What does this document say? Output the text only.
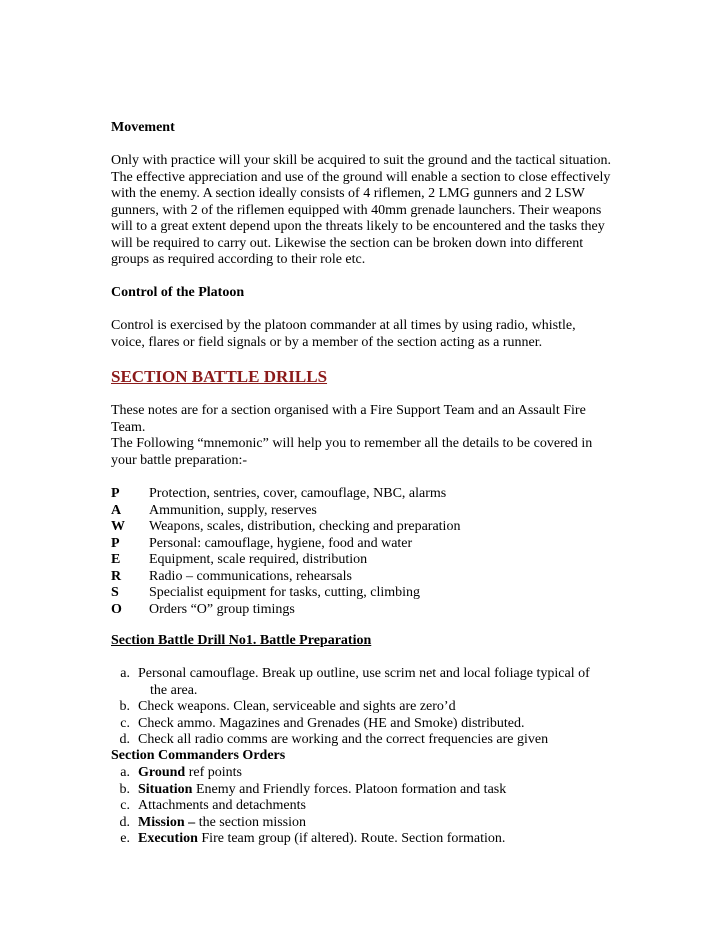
Movement
Only with practice will your skill be acquired to suit the ground and the tactical situation.
The effective appreciation and use of the ground will enable a section to close effectively
with the enemy. A section ideally consists of 4 riflemen, 2 LMG gunners and 2 LSW
gunners, with 2 of the riflemen equipped with 40mm grenade launchers. Their weapons
will to a great extent depend upon the threats likely to be encountered and the tasks they
will be required to carry out. Likewise the section can be broken down into different
groups as required according to their role etc.
Control of the Platoon
Control is exercised by the platoon commander at all times by using radio, whistle,
voice, flares or field signals or by a member of the section acting as a runner.
SECTION BATTLE DRILLS
These notes are for a section organised with a Fire Support Team and an Assault Fire
Team.
The Following “mnemonic” will help you to remember all the details to be covered in
your battle preparation:-
P Protection, sentries, cover, camouflage, NBC, alarms
A Ammunition, supply, reserves
W Weapons, scales, distribution, checking and preparation
P Personal: camouflage, hygiene, food and water
E Equipment, scale required, distribution
R Radio – communications, rehearsals
S Specialist equipment for tasks, cutting, climbing
O Orders “O” group timings
Section Battle Drill No1. Battle Preparation
a. Personal camouflage. Break up outline, use scrim net and local foliage typical of
the area.
b. Check weapons. Clean, serviceable and sights are zero’d
c. Check ammo. Magazines and Grenades (HE and Smoke) distributed.
d. Check all radio comms are working and the correct frequencies are given
Section Commanders Orders
a. Ground ref points
b. Situation Enemy and Friendly forces. Platoon formation and task
c. Attachments and detachments
d. Mission – the section mission
e. Execution Fire team group (if altered). Route. Section formation.
